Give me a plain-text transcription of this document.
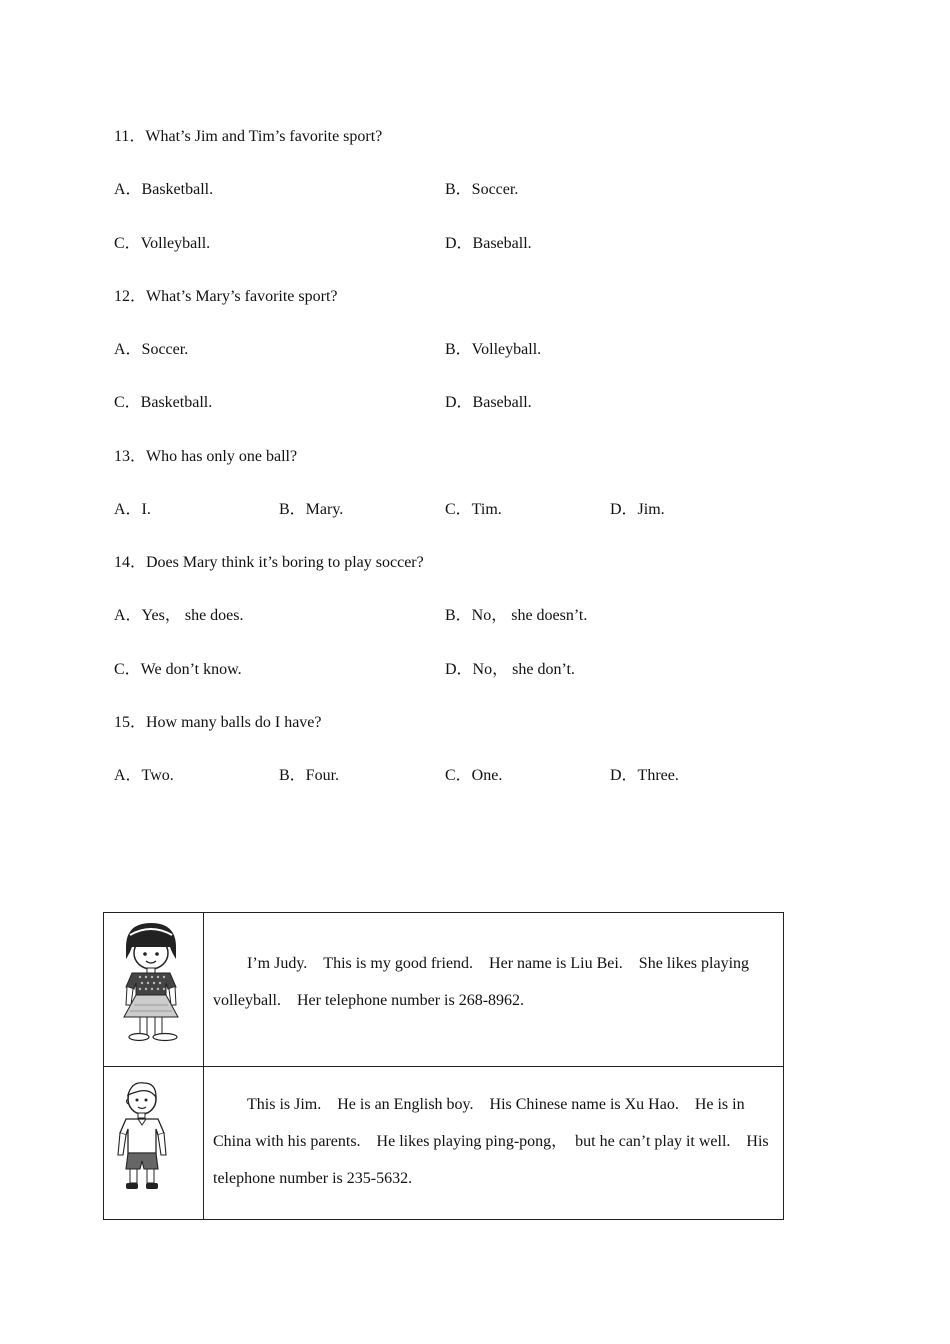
11．What’s Jim and Tim’s favorite sport?
A．Basketball.	B．Soccer.
C．Volleyball.	D．Baseball.
12．What’s Mary’s favorite sport?
A．Soccer.	B．Volleyball.
C．Basketball.	D．Baseball.
13．Who has only one ball?
A．I.	B．Mary.	C．Tim.	D．Jim.
14．Does Mary think it’s boring to play soccer?
A．Yes， she does.	B．No， she doesn’t.
C．We don’t know.	D．No， she don’t.
15．How many balls do I have?
A．Two.	B．Four.	C．One.	D．Three.

I’m Judy.　This is my good friend.　Her name is Liu Bei.　She likes playing volleyball.　Her telephone number is 268-8962.

This is Jim.　He is an English boy.　His Chinese name is Xu Hao.　He is in China with his parents.　He likes playing ping-pong，　but he can’t play it well.　His telephone number is 235-5632.
